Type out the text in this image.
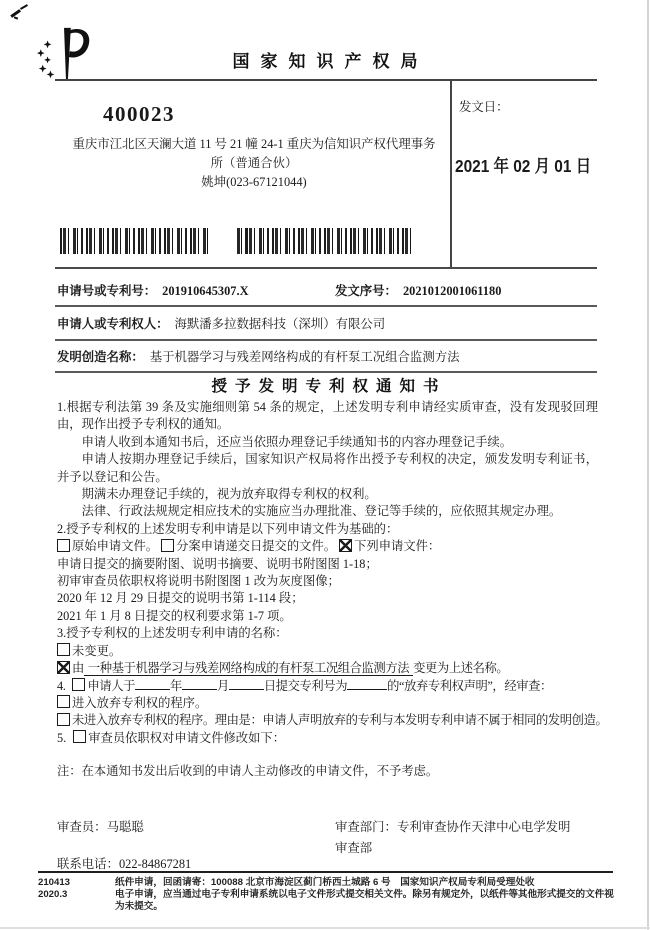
国家知识产权局
400023
重庆市江北区天澜大道 11 号 21 幢 24-1 重庆为信知识产权代理事务
所（普通合伙）
姚坤(023-67121044)
发文日：
2021 年 02 月 01 日
申请号或专利号： 201910645307.X	发文序号： 2021012001061180
申请人或专利权人： 海默潘多拉数据科技（深圳）有限公司
发明创造名称： 基于机器学习与残差网络构成的有杆泵工况组合监测方法
授予发明专利权通知书

1.根据专利法第 39 条及实施细则第 54 条的规定，上述发明专利申请经实质审查，没有发现驳回理由，现作出授予专利权的通知。

申请人收到本通知书后，还应当依照办理登记手续通知书的内容办理登记手续。

申请人按期办理登记手续后，国家知识产权局将作出授予专利权的决定，颁发发明专利证书，并予以登记和公告。

期满未办理登记手续的，视为放弃取得专利权的权利。

法律、行政法规规定相应技术的实施应当办理批准、登记等手续的，应依照其规定办理。

2.授予专利权的上述发明专利申请是以下列申请文件为基础的：

原始申请文件。 分案申请递交日提交的文件。 下列申请文件：

申请日提交的摘要附图、说明书摘要、说明书附图图 1-18；

初审审查员依职权将说明书附图图 1 改为灰度图像；

2020 年 12 月 29 日提交的说明书第 1-114 段；

2021 年 1 月 8 日提交的权利要求第 1-7 项。

3.授予专利权的上述发明专利申请的名称：

未变更。

由 一种基于机器学习与残差网络构成的有杆泵工况组合监测方法 变更为上述名称。

4. 申请人于	年	月	日提交专利号为	的“放弃专利权声明”，经审查：

进入放弃专利权的程序。

未进入放弃专利权的程序。理由是：申请人声明放弃的专利与本发明专利申请不属于相同的发明创造。

5. 审查员依职权对申请文件修改如下：

注：在本通知书发出后收到的申请人主动修改的申请文件，不予考虑。

审查员：马聪聪	审查部门：专利审查协作天津中心电学发明
审查部
联系电话：022-84867281
210413	纸件申请，回函请寄：100088 北京市海淀区蓟门桥西土城路 6 号　国家知识产权局专利局受理处收
2020.3	电子申请，应当通过电子专利申请系统以电子文件形式提交相关文件。除另有规定外，以纸件等其他形式提交的文件视为未提交。
